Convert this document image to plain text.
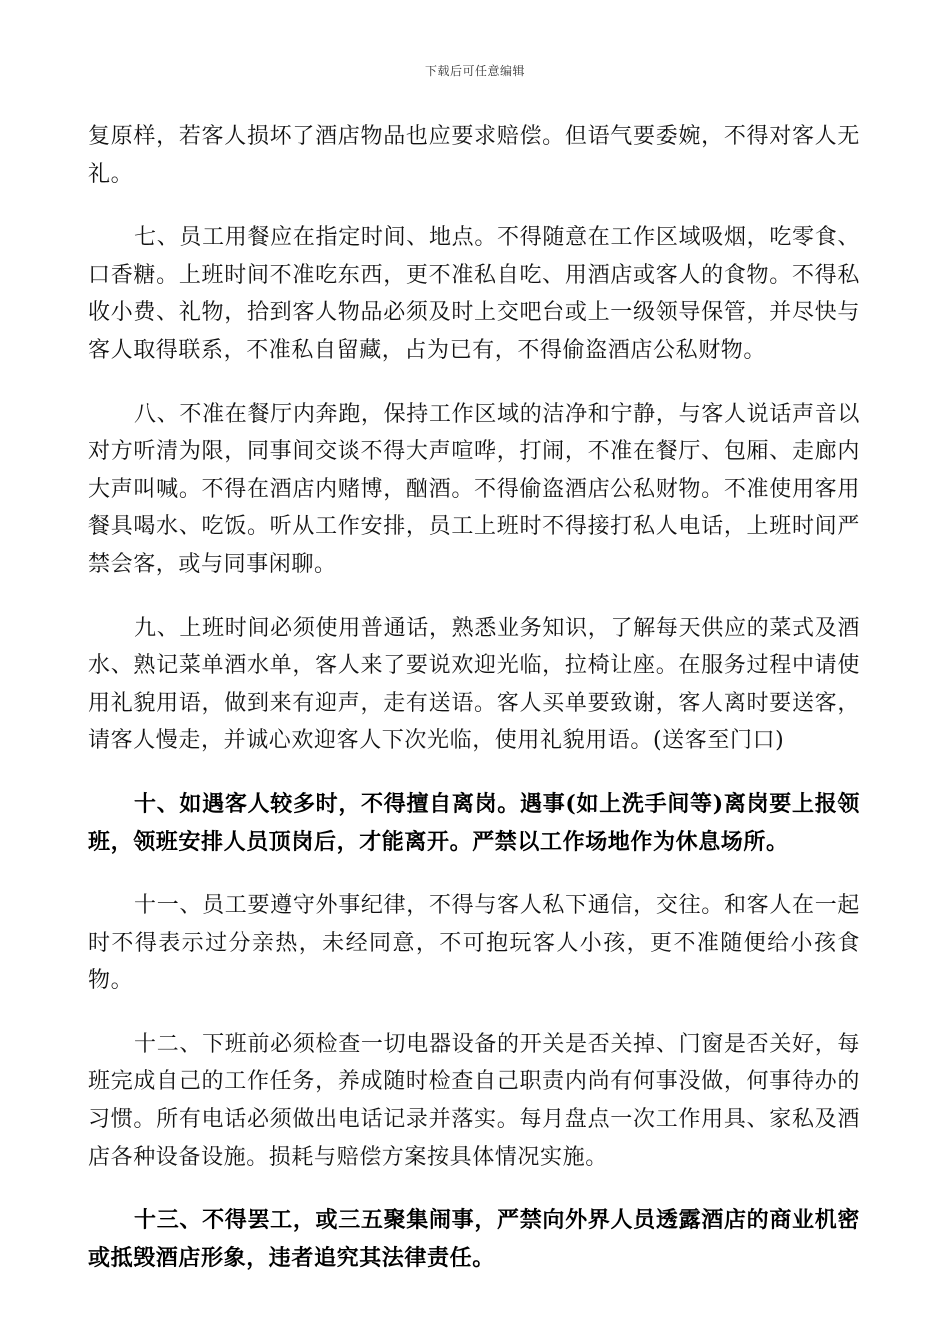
下载后可任意编辑

复原样，若客人损坏了酒店物品也应要求赔偿。但语气要委婉，不得对客人无礼。

七、员工用餐应在指定时间、地点。不得随意在工作区域吸烟，吃零食、口香糖。上班时间不准吃东西，更不准私自吃、用酒店或客人的食物。不得私收小费、礼物，拾到客人物品必须及时上交吧台或上一级领导保管，并尽快与客人取得联系，不准私自留藏，占为已有，不得偷盗酒店公私财物。

八、不准在餐厅内奔跑，保持工作区域的洁净和宁静，与客人说话声音以对方听清为限，同事间交谈不得大声喧哗，打闹，不准在餐厅、包厢、走廊内大声叫喊。不得在酒店内赌博，酗酒。不得偷盗酒店公私财物。不准使用客用餐具喝水、吃饭。听从工作安排，员工上班时不得接打私人电话，上班时间严禁会客，或与同事闲聊。

九、上班时间必须使用普通话，熟悉业务知识，了解每天供应的菜式及酒水、熟记菜单酒水单，客人来了要说欢迎光临，拉椅让座。在服务过程中请使用礼貌用语，做到来有迎声，走有送语。客人买单要致谢，客人离时要送客，请客人慢走，并诚心欢迎客人下次光临，使用礼貌用语。(送客至门口)

十、如遇客人较多时，不得擅自离岗。遇事(如上洗手间等)离岗要上报领班，领班安排人员顶岗后，才能离开。严禁以工作场地作为休息场所。

十一、员工要遵守外事纪律，不得与客人私下通信，交往。和客人在一起时不得表示过分亲热，未经同意，不可抱玩客人小孩，更不准随便给小孩食物。

十二、下班前必须检查一切电器设备的开关是否关掉、门窗是否关好，每班完成自己的工作任务，养成随时检查自己职责内尚有何事没做，何事待办的习惯。所有电话必须做出电话记录并落实。每月盘点一次工作用具、家私及酒店各种设备设施。损耗与赔偿方案按具体情况实施。

十三、不得罢工，或三五聚集闹事，严禁向外界人员透露酒店的商业机密或抵毁酒店形象，违者追究其法律责任。
